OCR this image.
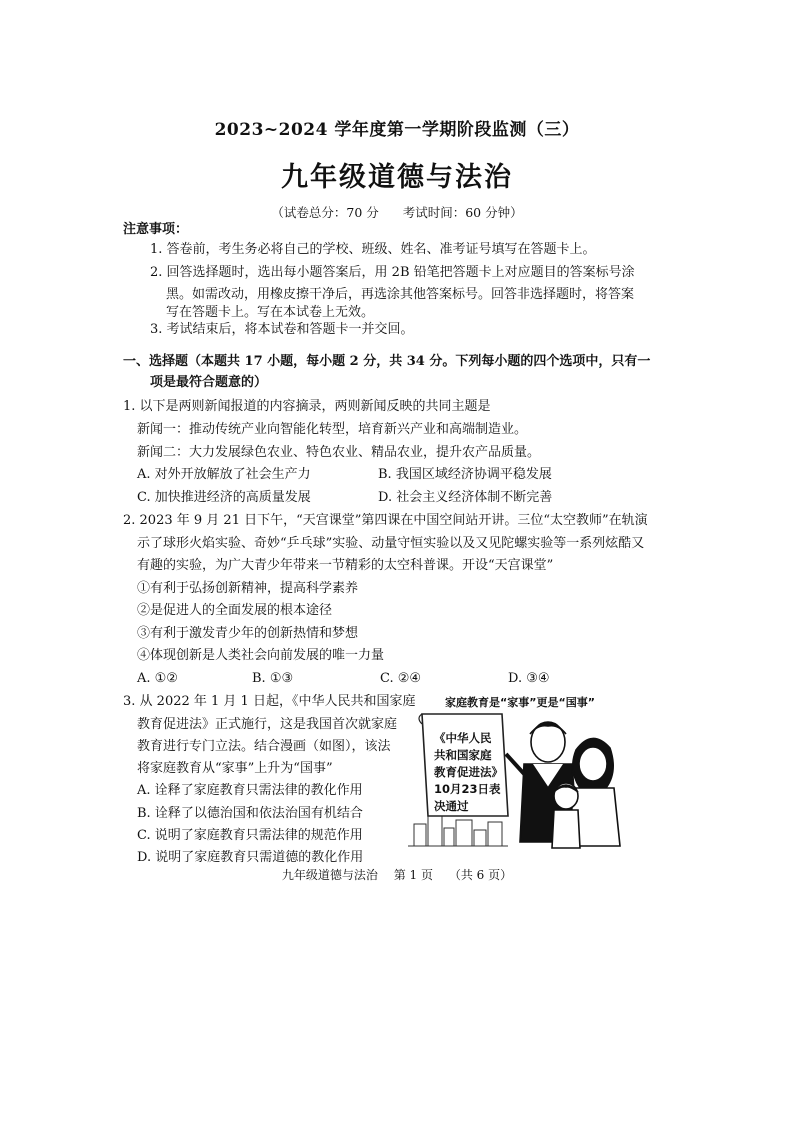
2023~2024 学年度第一学期阶段监测（三）
九年级道德与法治
（试卷总分：70 分 考试时间：60 分钟）
注意事项：
1. 答卷前，考生务必将自己的学校、班级、姓名、准考证号填写在答题卡上。
2. 回答选择题时，选出每小题答案后，用 2B 铅笔把答题卡上对应题目的答案标号涂
黑。如需改动，用橡皮擦干净后，再选涂其他答案标号。回答非选择题时，将答案
写在答题卡上。写在本试卷上无效。
3. 考试结束后，将本试卷和答题卡一并交回。
一、选择题（本题共 17 小题，每小题 2 分，共 34 分。下列每小题的四个选项中，只有一
项是最符合题意的）
1. 以下是两则新闻报道的内容摘录，两则新闻反映的共同主题是
新闻一：推动传统产业向智能化转型，培育新兴产业和高端制造业。
新闻二：大力发展绿色农业、特色农业、精品农业，提升农产品质量。
A. 对外开放解放了社会生产力	B. 我国区域经济协调平稳发展
C. 加快推进经济的高质量发展	D. 社会主义经济体制不断完善
2. 2023 年 9 月 21 日下午，“天宫课堂”第四课在中国空间站开讲。三位“太空教师”在轨演
示了球形火焰实验、奇妙“乒乓球”实验、动量守恒实验以及又见陀螺实验等一系列炫酷又
有趣的实验，为广大青少年带来一节精彩的太空科普课。开设“天宫课堂”
①有利于弘扬创新精神，提高科学素养
②是促进人的全面发展的根本途径
③有利于激发青少年的创新热情和梦想
④体现创新是人类社会向前发展的唯一力量
A. ①②	B. ①③	C. ②④	D. ③④
3. 从 2022 年 1 月 1 日起，《中华人民共和国家庭
教育促进法》正式施行，这是我国首次就家庭
教育进行专门立法。结合漫画（如图），该法
将家庭教育从“家事”上升为“国事”
A. 诠释了家庭教育只需法律的教化作用
B. 诠释了以德治国和依法治国有机结合
C. 说明了家庭教育只需法律的规范作用
D. 说明了家庭教育只需道德的教化作用
家庭教育是“家事”更是“国事”
《中华人民 共和国家庭 教育促进法》 10月23日表 决通过
九年级道德与法治 第 1 页 （共 6 页）
